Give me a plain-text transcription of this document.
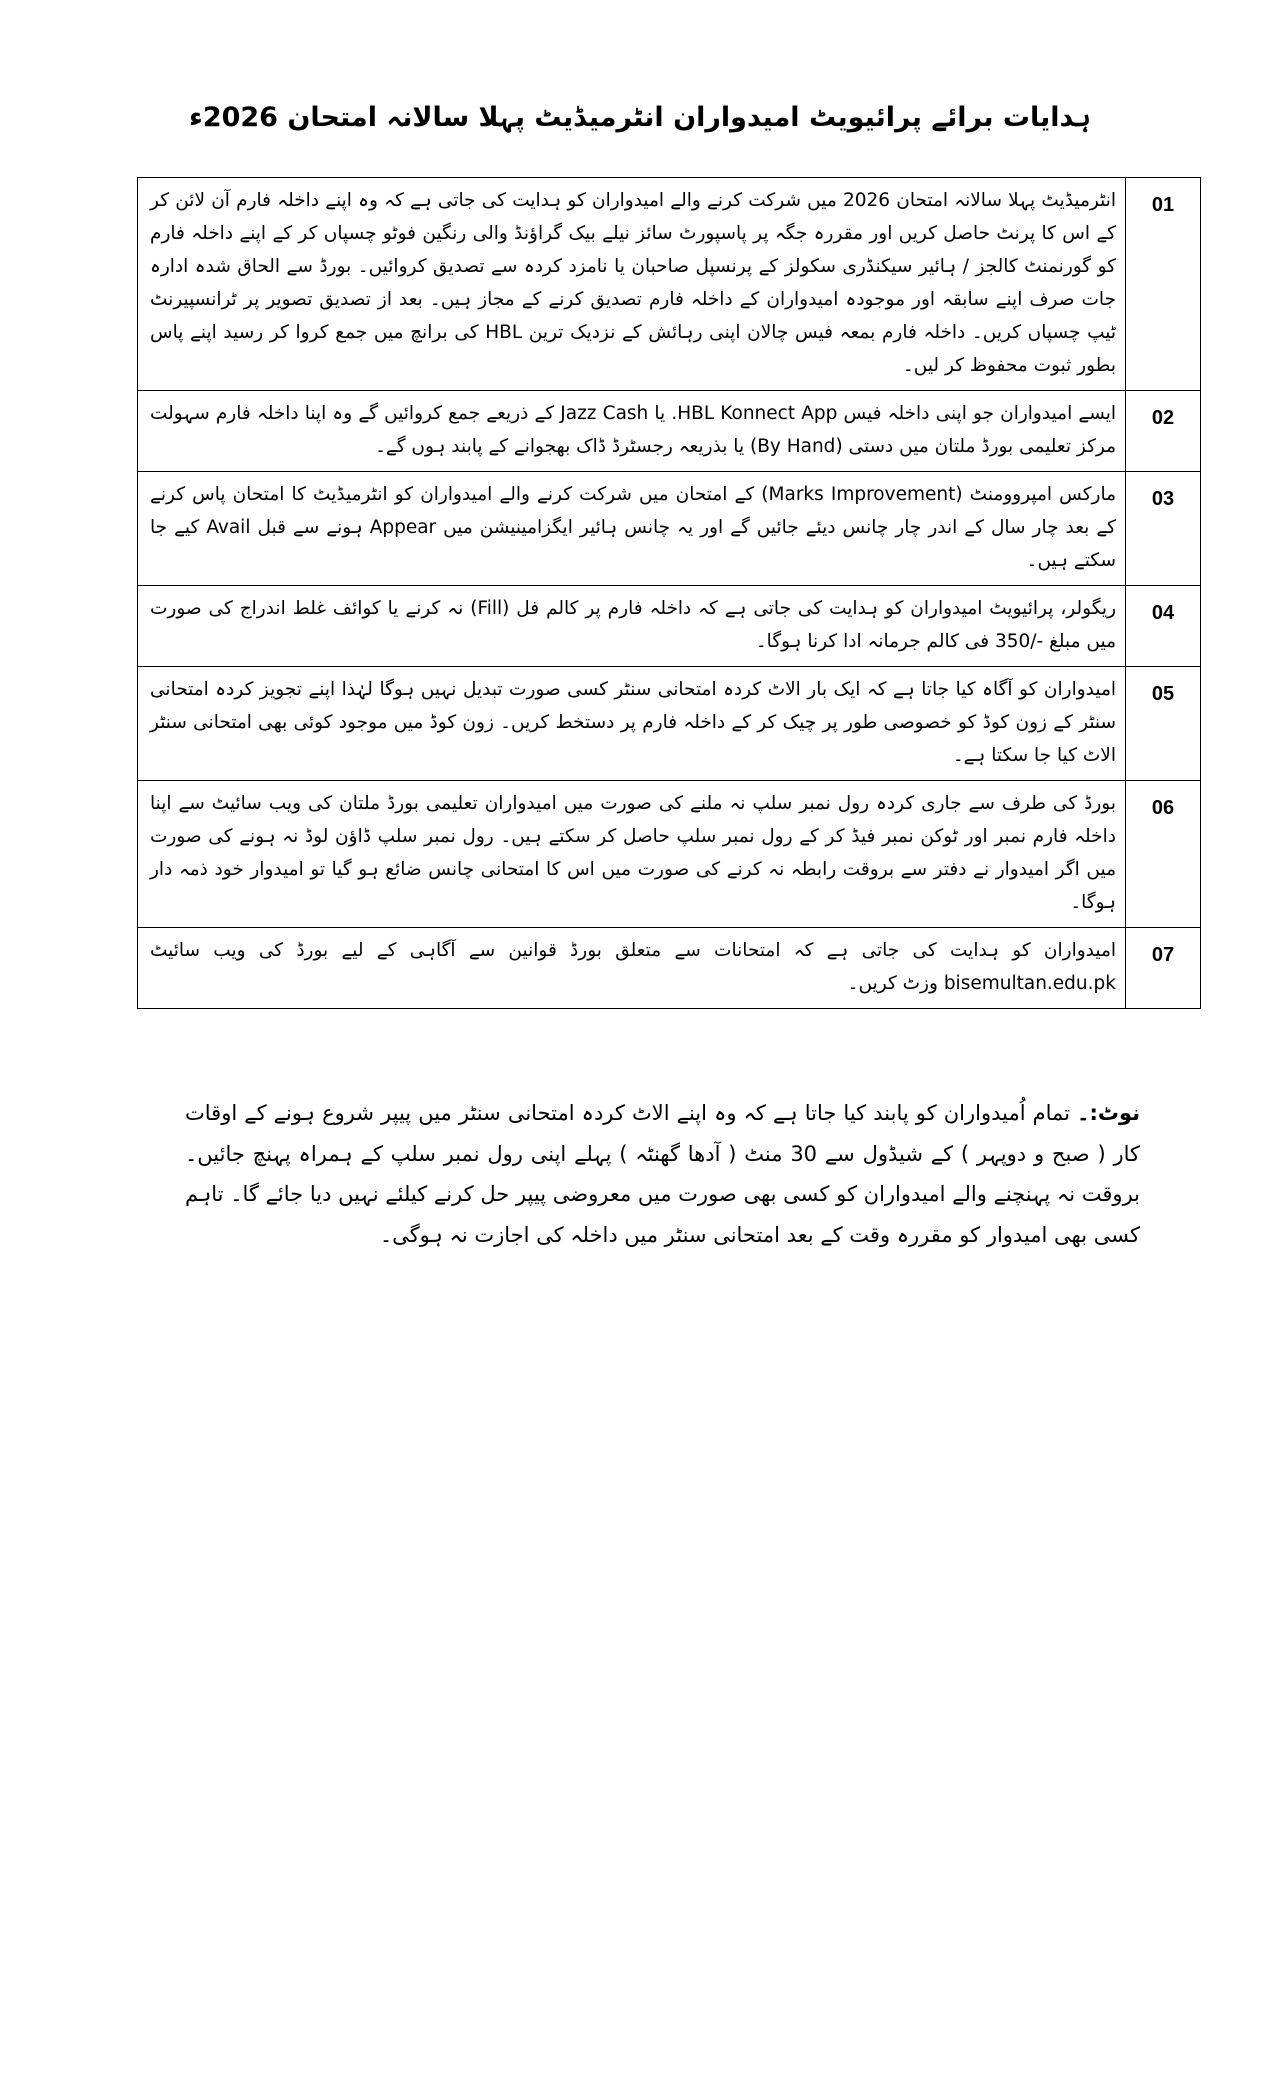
ہدایات برائے پرائیویٹ امیدواران انٹرمیڈیٹ پہلا سالانہ امتحان 2026ء
01	انٹرمیڈیٹ پہلا سالانہ امتحان 2026 میں شرکت کرنے والے امیدواران کو ہدایت کی جاتی ہے کہ وہ اپنے داخلہ فارم آن لائن کر کے اس کا پرنٹ حاصل کریں اور مقررہ جگہ پر پاسپورٹ سائز نیلے بیک گراؤنڈ والی رنگین فوٹو چسپاں کر کے اپنے داخلہ فارم کو گورنمنٹ کالجز / ہائیر سیکنڈری سکولز کے پرنسپل صاحبان یا نامزد کردہ سے تصدیق کروائیں۔ بورڈ سے الحاق شدہ ادارہ جات صرف اپنے سابقہ اور موجودہ امیدواران کے داخلہ فارم تصدیق کرنے کے مجاز ہیں۔ بعد از تصدیق تصویر پر ٹرانسپیرنٹ ٹیپ چسپاں کریں۔ داخلہ فارم بمعہ فیس چالان اپنی رہائش کے نزدیک ترین HBL کی برانچ میں جمع کروا کر رسید اپنے پاس بطور ثبوت محفوظ کر لیں۔
02	ایسے امیدواران جو اپنی داخلہ فیس HBL Konnect App. یا Jazz Cash کے ذریعے جمع کروائیں گے وہ اپنا داخلہ فارم سہولت مرکز تعلیمی بورڈ ملتان میں دستی (By Hand) یا بذریعہ رجسٹرڈ ڈاک بھجوانے کے پابند ہوں گے۔
03	مارکس امپروومنٹ (Marks Improvement) کے امتحان میں شرکت کرنے والے امیدواران کو انٹرمیڈیٹ کا امتحان پاس کرنے کے بعد چار سال کے اندر چار چانس دیئے جائیں گے اور یہ چانس ہائیر ایگزامینیشن میں Appear ہونے سے قبل Avail کیے جا سکتے ہیں۔
04	ریگولر، پرائیویٹ امیدواران کو ہدایت کی جاتی ہے کہ داخلہ فارم پر کالم فل (Fill) نہ کرنے یا کوائف غلط اندراج کی صورت میں مبلغ -/350 فی کالم جرمانہ ادا کرنا ہوگا۔
05	امیدواران کو آگاہ کیا جاتا ہے کہ ایک بار الاٹ کردہ امتحانی سنٹر کسی صورت تبدیل نہیں ہوگا لہٰذا اپنے تجویز کردہ امتحانی سنٹر کے زون کوڈ کو خصوصی طور پر چیک کر کے داخلہ فارم پر دستخط کریں۔ زون کوڈ میں موجود کوئی بھی امتحانی سنٹر الاٹ کیا جا سکتا ہے۔
06	بورڈ کی طرف سے جاری کردہ رول نمبر سلپ نہ ملنے کی صورت میں امیدواران تعلیمی بورڈ ملتان کی ویب سائیٹ سے اپنا داخلہ فارم نمبر اور ٹوکن نمبر فیڈ کر کے رول نمبر سلپ حاصل کر سکتے ہیں۔ رول نمبر سلپ ڈاؤن لوڈ نہ ہونے کی صورت میں اگر امیدوار نے دفتر سے بروقت رابطہ نہ کرنے کی صورت میں اس کا امتحانی چانس ضائع ہو گیا تو امیدوار خود ذمہ دار ہوگا۔
07	امیدواران کو ہدایت کی جاتی ہے کہ امتحانات سے متعلق بورڈ قوانین سے آگاہی کے لیے بورڈ کی ویب سائیٹ bisemultan.edu.pk وزٹ کریں۔
نوٹ:۔ تمام اُمیدواران کو پابند کیا جاتا ہے کہ وہ اپنے الاٹ کردہ امتحانی سنٹر میں پیپر شروع ہونے کے اوقات کار ( صبح و دوپہر ) کے شیڈول سے 30 منٹ ( آدھا گھنٹہ ) پہلے اپنی رول نمبر سلپ کے ہمراہ پہنچ جائیں۔ بروقت نہ پہنچنے والے امیدواران کو کسی بھی صورت میں معروضی پیپر حل کرنے کیلئے نہیں دیا جائے گا۔ تاہم کسی بھی امیدوار کو مقررہ وقت کے بعد امتحانی سنٹر میں داخلہ کی اجازت نہ ہوگی۔
